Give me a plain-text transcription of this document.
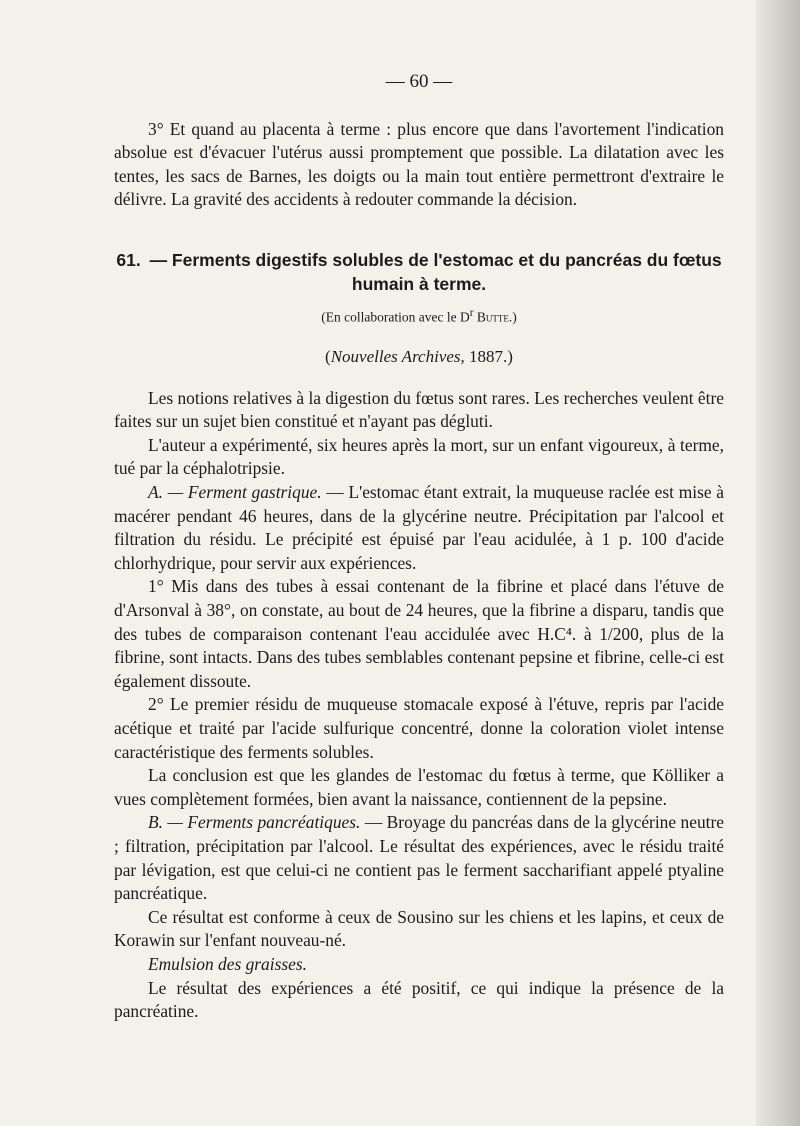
— 60 —

3° Et quand au placenta à terme : plus encore que dans l'avortement l'indication absolue est d'évacuer l'utérus aussi promptement que possible. La dilatation avec les tentes, les sacs de Barnes, les doigts ou la main tout entière permettront d'extraire le délivre. La gravité des accidents à redouter commande la décision.

61. — Ferments digestifs solubles de l'estomac et du pancréas du fœtus humain à terme.
(En collaboration avec le $D^r$ Butte.)
(Nouvelles Archives, 1887.)

Les notions relatives à la digestion du fœtus sont rares. Les recherches veulent être faites sur un sujet bien constitué et n'ayant pas dégluti.

L'auteur a expérimenté, six heures après la mort, sur un enfant vigoureux, à terme, tué par la céphalotripsie.

A. — Ferment gastrique. — L'estomac étant extrait, la muqueuse raclée est mise à macérer pendant 46 heures, dans de la glycérine neutre. Précipitation par l'alcool et filtration du résidu. Le précipité est épuisé par l'eau acidulée, à 1 p. 100 d'acide chlorhydrique, pour servir aux expériences.

1° Mis dans des tubes à essai contenant de la fibrine et placé dans l'étuve de d'Arsonval à 38°, on constate, au bout de 24 heures, que la fibrine a disparu, tandis que des tubes de comparaison contenant l'eau accidulée avec H.C⁴. à 1/200, plus de la fibrine, sont intacts. Dans des tubes semblables contenant pepsine et fibrine, celle-ci est également dissoute.

2° Le premier résidu de muqueuse stomacale exposé à l'étuve, repris par l'acide acétique et traité par l'acide sulfurique concentré, donne la coloration violet intense caractéristique des ferments solubles.

La conclusion est que les glandes de l'estomac du fœtus à terme, que Kölliker a vues complètement formées, bien avant la naissance, contiennent de la pepsine.

B. — Ferments pancréatiques. — Broyage du pancréas dans de la glycérine neutre ; filtration, précipitation par l'alcool. Le résultat des expériences, avec le résidu traité par lévigation, est que celui-ci ne contient pas le ferment saccharifiant appelé ptyaline pancréatique.

Ce résultat est conforme à ceux de Sousino sur les chiens et les lapins, et ceux de Korawin sur l'enfant nouveau-né.

Emulsion des graisses.

Le résultat des expériences a été positif, ce qui indique la présence de la pancréatine.
